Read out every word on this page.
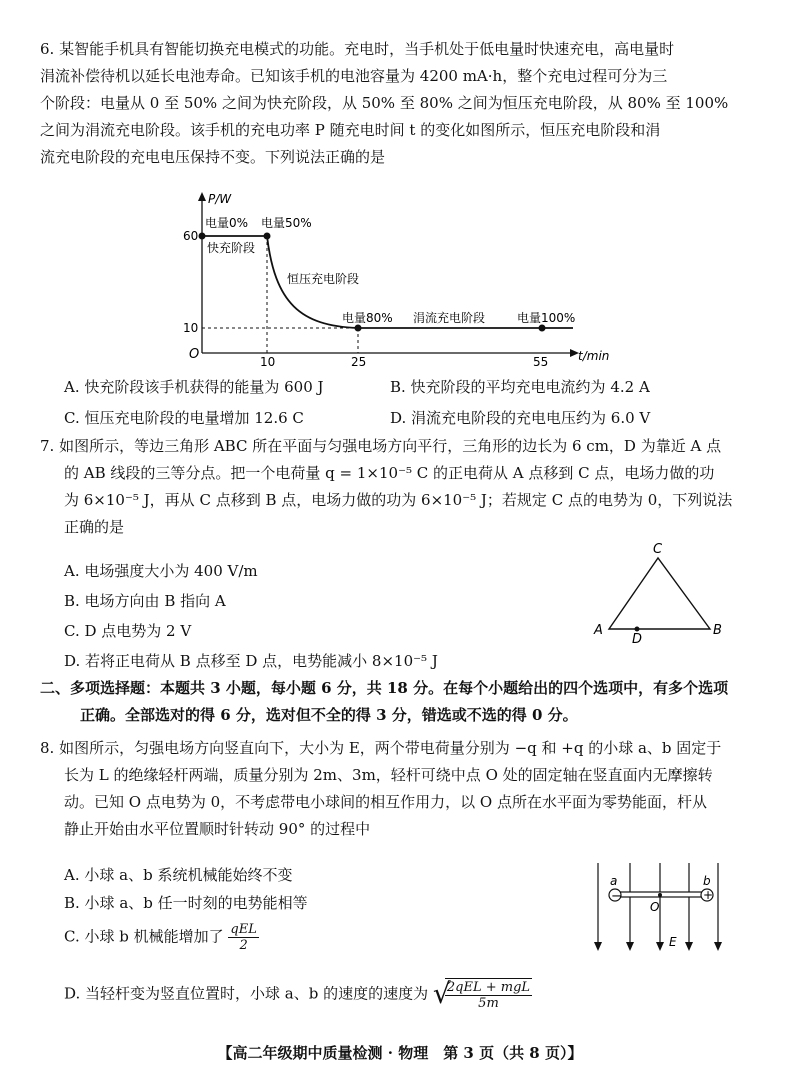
6. 某智能手机具有智能切换充电模式的功能。充电时，当手机处于低电量时快速充电，高电量时

涓流补偿待机以延长电池寿命。已知该手机的电池容量为 4200 mA·h，整个充电过程可分为三

个阶段：电量从 0 至 50% 之间为快充阶段，从 50% 至 80% 之间为恒压充电阶段，从 80% 至 100%

之间为涓流充电阶段。该手机的充电功率 P 随充电时间 t 的变化如图所示，恒压充电阶段和涓

流充电阶段的充电电压保持不变。下列说法正确的是

P/W
t/min
O
60
10
10	25	55
电量0% 电量50%
快充阶段
恒压充电阶段
电量80% 涓流充电阶段	电量100%
A. 快充阶段该手机获得的能量为 600 J	B. 快充阶段的平均充电电流约为 4.2 A
C. 恒压充电阶段的电量增加 12.6 C	D. 涓流充电阶段的充电电压约为 6.0 V

7. 如图所示，等边三角形 ABC 所在平面与匀强电场方向平行，三角形的边长为 6 cm，D 为靠近 A 点

的 AB 线段的三等分点。把一个电荷量 q = 1×10⁻⁵ C 的正电荷从 A 点移到 C 点，电场力做的功

为 6×10⁻⁵ J，再从 C 点移到 B 点，电场力做的功为 6×10⁻⁵ J；若规定 C 点的电势为 0，下列说法

正确的是

A. 电场强度大小为 400 V/m
B. 电场方向由 B 指向 A
C. D 点电势为 2 V
D. 若将正电荷从 B 点移至 D 点，电势能减小 8×10⁻⁵ J
C
A	B
D

二、多项选择题：本题共 3 小题，每小题 6 分，共 18 分。在每个小题给出的四个选项中，有多个选项

正确。全部选对的得 6 分，选对但不全的得 3 分，错选或不选的得 0 分。

8. 如图所示，匀强电场方向竖直向下，大小为 E，两个带电荷量分别为 −q 和 +q 的小球 a、b 固定于

长为 L 的绝缘轻杆两端，质量分别为 2m、3m，轻杆可绕中点 O 处的固定轴在竖直面内无摩擦转

动。已知 O 点电势为 0，不考虑带电小球间的相互作用力，以 O 点所在水平面为零势能面，杆从

静止开始由水平位置顺时针转动 90° 的过程中

A. 小球 a、b 系统机械能始终不变
B. 小球 a、b 任一时刻的电势能相等
C. 小球 b 机械能增加了 $\frac{\text{qEL}}{2}$
D. 当轻杆变为竖直位置时，小球 a、b 的速度的速度为
√ $\frac{\text{2qEL + mgL}}{5m}$
−	+
a	b
O
E
【高二年级期中质量检测 · 物理　第 3 页（共 8 页）】
